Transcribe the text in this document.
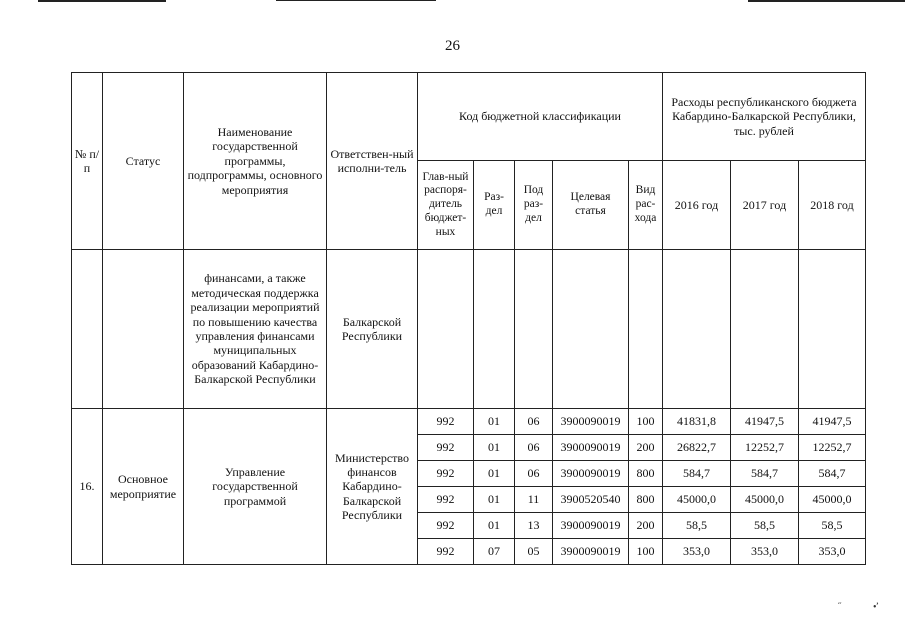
26
№ п/п	Статус	Наименование государственной программы, подпрограммы, основного мероприятия	Ответствен-ный исполни-тель	Код бюджетной классификации					Расходы республиканского бюджета Кабардино-Балкарской Республики, тыс. рублей		
				Глав-ный распоря-дитель бюджет-ных	Раз-дел	Под раз-дел	Целевая статья	Вид рас-хода	2016 год	2017 год	2018 год
		финансами, а также методическая поддержка реализации мероприятий по повышению качества управления финансами муниципальных образований Кабардино-Балкарской Республики	Балкарской Республики								
16.	Основное мероприятие	Управление государственной программой	Министерство финансов Кабардино-Балкарской Республики	992	01	06	3900090019	100	41831,8	41947,5	41947,5
				992	01	06	3900090019	200	26822,7	12252,7	12252,7
				992	01	06	3900090019	800	584,7	584,7	584,7
				992	01	11	3900520540	800	45000,0	45000,0	45000,0
				992	01	13	3900090019	200	58,5	58,5	58,5
				992	07	05	3900090019	100	353,0	353,0	353,0
˝	•̛
